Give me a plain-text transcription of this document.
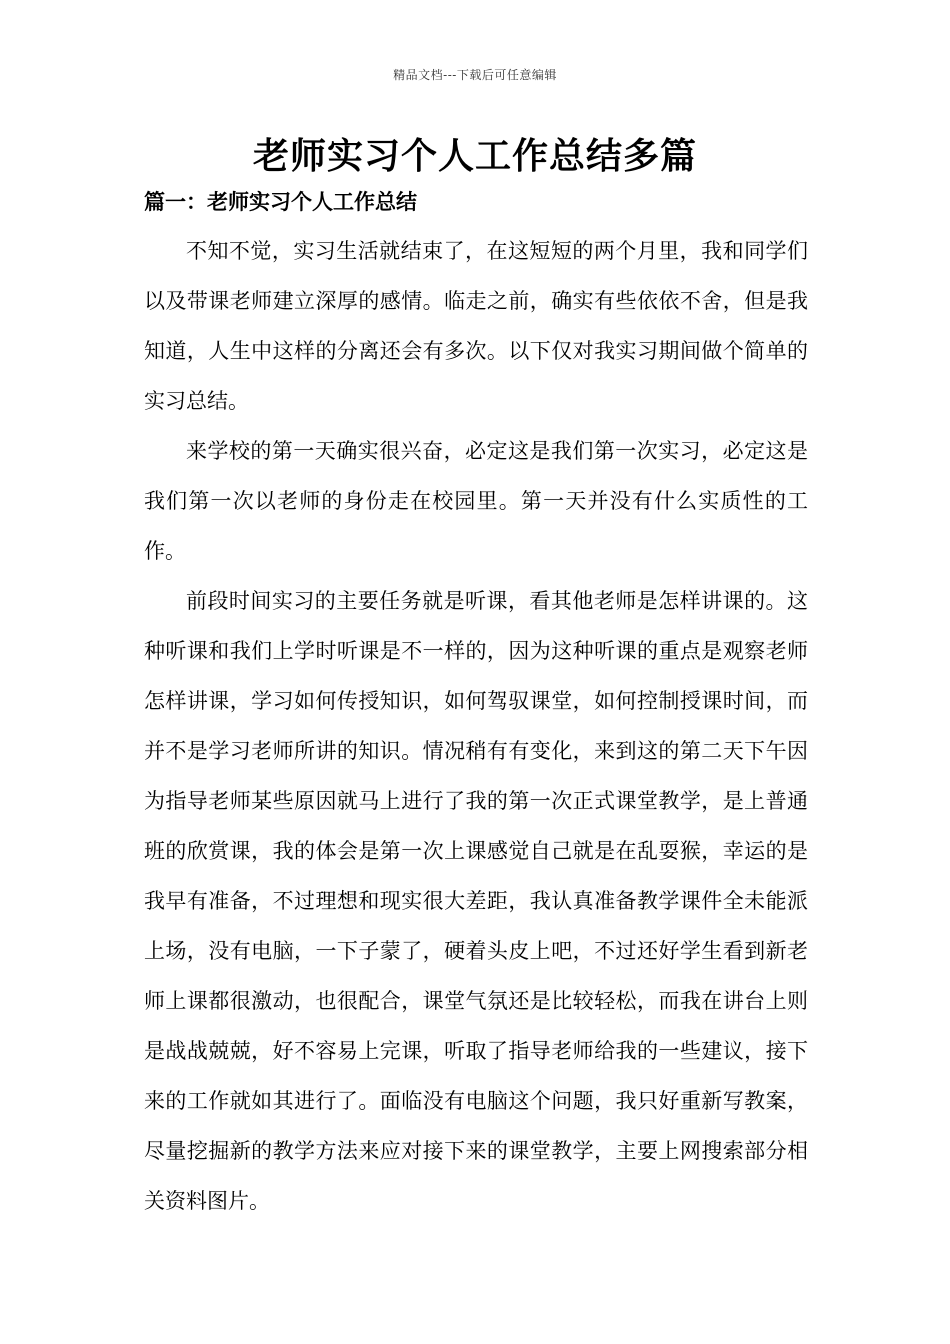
精品文档---下载后可任意编辑
老师实习个人工作总结多篇
篇一：老师实习个人工作总结

不知不觉，实习生活就结束了，在这短短的两个月里，我和同学们以及带课老师建立深厚的感情。临走之前，确实有些依依不舍，但是我知道，人生中这样的分离还会有多次。以下仅对我实习期间做个简单的实习总结。

来学校的第一天确实很兴奋，必定这是我们第一次实习，必定这是我们第一次以老师的身份走在校园里。第一天并没有什么实质性的工作。

前段时间实习的主要任务就是听课，看其他老师是怎样讲课的。这种听课和我们上学时听课是不一样的，因为这种听课的重点是观察老师怎样讲课，学习如何传授知识，如何驾驭课堂，如何控制授课时间，而并不是学习老师所讲的知识。情况稍有有变化，来到这的第二天下午因为指导老师某些原因就马上进行了我的第一次正式课堂教学，是上普通班的欣赏课，我的体会是第一次上课感觉自己就是在乱耍猴，幸运的是我早有准备，不过理想和现实很大差距，我认真准备教学课件全未能派上场，没有电脑，一下子蒙了，硬着头皮上吧，不过还好学生看到新老师上课都很激动，也很配合，课堂气氛还是比较轻松，而我在讲台上则是战战兢兢，好不容易上完课，听取了指导老师给我的一些建议，接下来的工作就如其进行了。面临没有电脑这个问题，我只好重新写教案，尽量挖掘新的教学方法来应对接下来的课堂教学，主要上网搜索部分相关资料图片。
